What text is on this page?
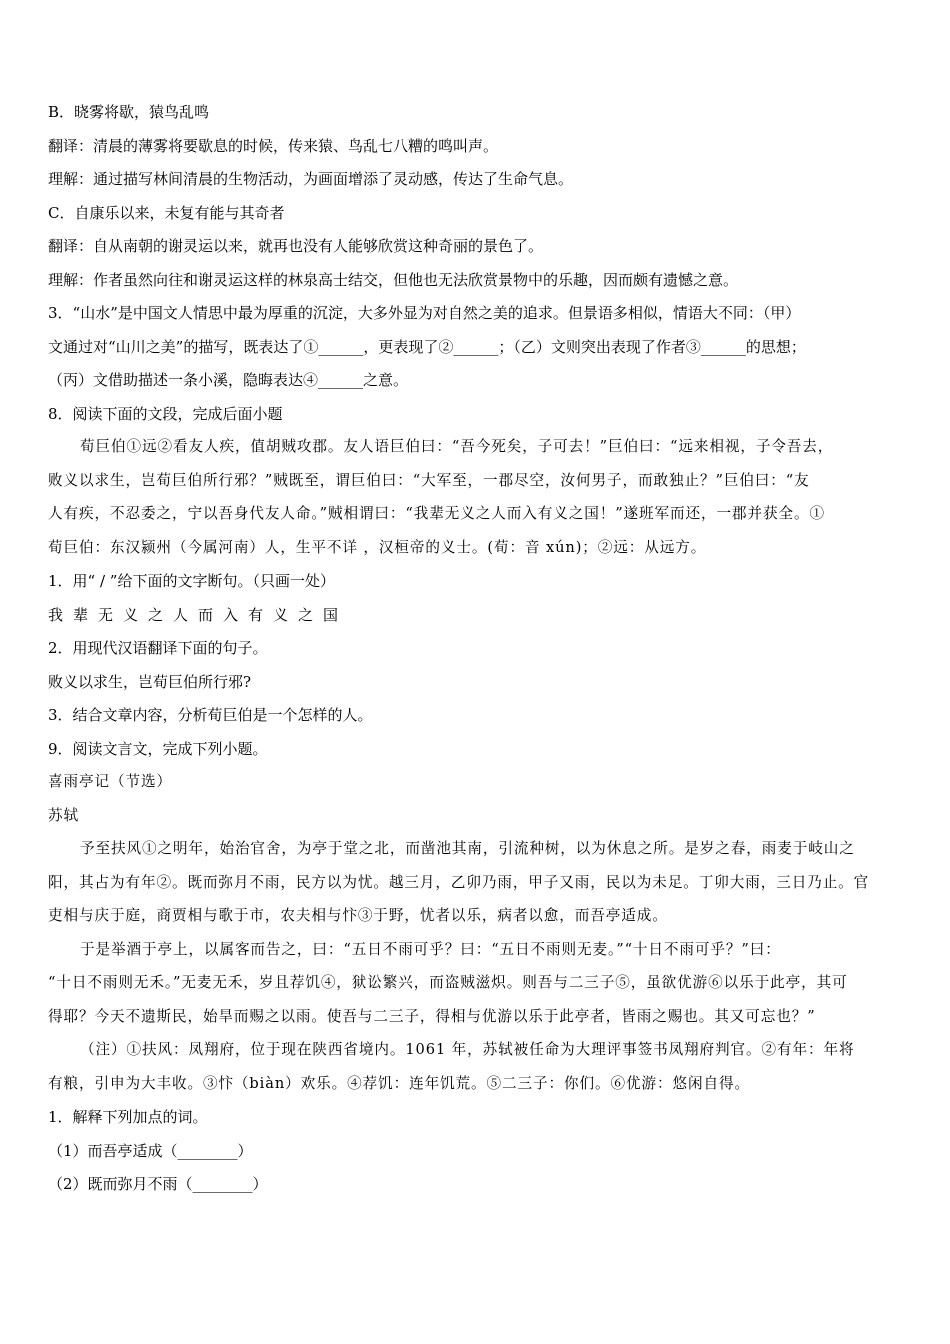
B．晓雾将歇，猿鸟乱鸣
翻译：清晨的薄雾将要歇息的时候，传来猿、鸟乱七八糟的鸣叫声。
理解：通过描写林间清晨的生物活动，为画面增添了灵动感，传达了生命气息。
C．自康乐以来，未复有能与其奇者
翻译：自从南朝的谢灵运以来，就再也没有人能够欣赏这种奇丽的景色了。
理解：作者虽然向往和谢灵运这样的林泉高士结交，但他也无法欣赏景物中的乐趣，因而颇有遗憾之意。
3．“山水”是中国文人情思中最为厚重的沉淀，大多外显为对自然之美的追求。但景语多相似，情语大不同：（甲）
文通过对“山川之美”的描写，既表达了①______，更表现了②______；（乙）文则突出表现了作者③______的思想；
（丙）文借助描述一条小溪，隐晦表达④______之意。
8．阅读下面的文段，完成后面小题
荀巨伯①远②看友人疾，值胡贼攻郡。友人语巨伯曰：“吾今死矣，子可去！”巨伯曰：“远来相视，子令吾去，
败义以求生，岂荀巨伯所行邪？”贼既至，谓巨伯曰：“大军至，一郡尽空，汝何男子，而敢独止？”巨伯曰：“友
人有疾，不忍委之，宁以吾身代友人命。”贼相谓曰：“我辈无义之人而入有义之国！”遂班军而还，一郡并获全。①
荀巨伯：东汉颍州（今属河南）人，生平不详 ，汉桓帝的义士。(荀：音 xún)；②远：从远方。
1．用“ / ”给下面的文字断句。（只画一处）
我辈无义之人而入有义之国
2．用现代汉语翻译下面的句子。
败义以求生，岂荀巨伯所行邪?
3．结合文章内容，分析荀巨伯是一个怎样的人。
9．阅读文言文，完成下列小题。
喜雨亭记（节选）
苏轼
予至扶风①之明年，始治官舍，为亭于堂之北，而凿池其南，引流种树，以为休息之所。是岁之春，雨麦于岐山之
阳，其占为有年②。既而弥月不雨，民方以为忧。越三月，乙卯乃雨，甲子又雨，民以为未足。丁卯大雨，三日乃止。官
吏相与庆于庭，商贾相与歌于市，农夫相与忭③于野，忧者以乐，病者以愈，而吾亭适成。
于是举酒于亭上，以属客而告之，曰：“五日不雨可乎？曰：“五日不雨则无麦。”“十日不雨可乎？”曰：
“十日不雨则无禾。”无麦无禾，岁且荐饥④，狱讼繁兴，而盗贼滋炽。则吾与二三子⑤，虽欲优游⑥以乐于此亭，其可
得耶？今天不遗斯民，始旱而赐之以雨。使吾与二三子，得相与优游以乐于此亭者，皆雨之赐也。其又可忘也？”
（注）①扶风：凤翔府，位于现在陕西省境内。1061 年，苏轼被任命为大理评事签书凤翔府判官。②有年：年将
有粮，引申为大丰收。③忭（biàn）欢乐。④荐饥：连年饥荒。⑤二三子：你们。⑥优游：悠闲自得。
1．解释下列加点的词。
（1）而吾亭适成（________）
（2）既而弥月不雨（________）
